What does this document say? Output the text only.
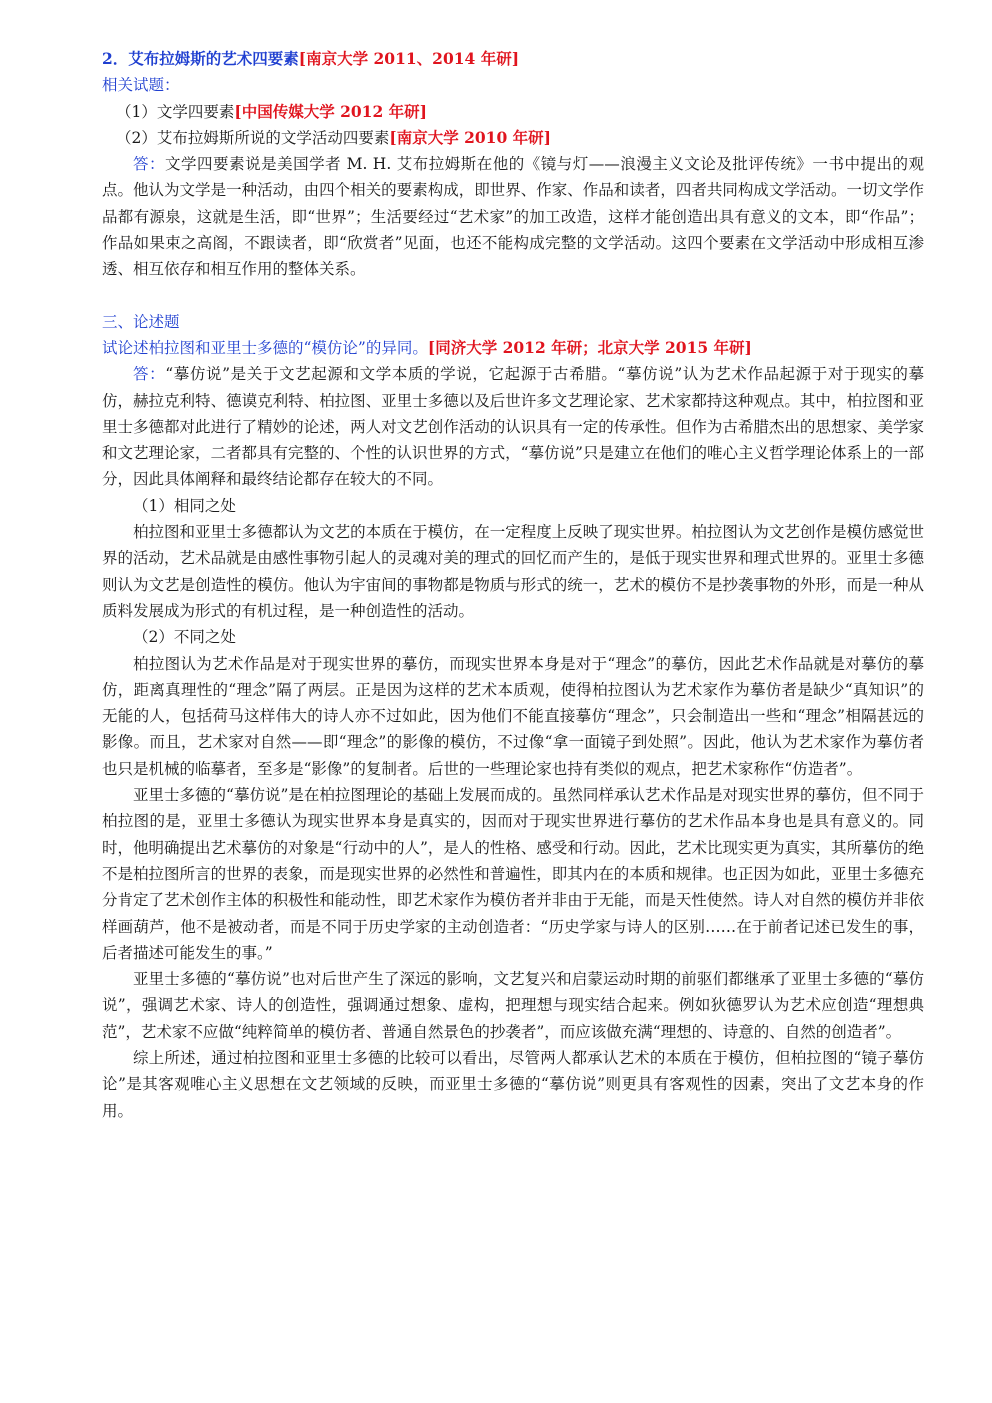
2．艾布拉姆斯的艺术四要素[南京大学 2011、2014 年研]
相关试题：
（1）文学四要素[中国传媒大学 2012 年研]
（2）艾布拉姆斯所说的文学活动四要素[南京大学 2010 年研]

答：文学四要素说是美国学者 M. H. 艾布拉姆斯在他的《镜与灯——浪漫主义文论及批评传统》一书中提出的观点。他认为文学是一种活动，由四个相关的要素构成，即世界、作家、作品和读者，四者共同构成文学活动。一切文学作品都有源泉，这就是生活，即“世界”；生活要经过“艺术家”的加工改造，这样才能创造出具有意义的文本，即“作品”；作品如果束之高阁，不跟读者，即“欣赏者”见面，也还不能构成完整的文学活动。这四个要素在文学活动中形成相互渗透、相互依存和相互作用的整体关系。

三、论述题
试论述柏拉图和亚里士多德的“模仿论”的异同。[同济大学 2012 年研；北京大学 2015 年研]

答：“摹仿说”是关于文艺起源和文学本质的学说，它起源于古希腊。“摹仿说”认为艺术作品起源于对于现实的摹仿，赫拉克利特、德谟克利特、柏拉图、亚里士多德以及后世许多文艺理论家、艺术家都持这种观点。其中，柏拉图和亚里士多德都对此进行了精妙的论述，两人对文艺创作活动的认识具有一定的传承性。但作为古希腊杰出的思想家、美学家和文艺理论家，二者都具有完整的、个性的认识世界的方式，“摹仿说”只是建立在他们的唯心主义哲学理论体系上的一部分，因此具体阐释和最终结论都存在较大的不同。

（1）相同之处

柏拉图和亚里士多德都认为文艺的本质在于模仿，在一定程度上反映了现实世界。柏拉图认为文艺创作是模仿感觉世界的活动，艺术品就是由感性事物引起人的灵魂对美的理式的回忆而产生的，是低于现实世界和理式世界的。亚里士多德则认为文艺是创造性的模仿。他认为宇宙间的事物都是物质与形式的统一，艺术的模仿不是抄袭事物的外形，而是一种从质料发展成为形式的有机过程，是一种创造性的活动。

（2）不同之处

柏拉图认为艺术作品是对于现实世界的摹仿，而现实世界本身是对于“理念”的摹仿，因此艺术作品就是对摹仿的摹仿，距离真理性的“理念”隔了两层。正是因为这样的艺术本质观，使得柏拉图认为艺术家作为摹仿者是缺少“真知识”的无能的人，包括荷马这样伟大的诗人亦不过如此，因为他们不能直接摹仿“理念”，只会制造出一些和“理念”相隔甚远的影像。而且，艺术家对自然——即“理念”的影像的模仿，不过像“拿一面镜子到处照”。因此，他认为艺术家作为摹仿者也只是机械的临摹者，至多是“影像”的复制者。后世的一些理论家也持有类似的观点，把艺术家称作“仿造者”。

亚里士多德的“摹仿说”是在柏拉图理论的基础上发展而成的。虽然同样承认艺术作品是对现实世界的摹仿，但不同于柏拉图的是，亚里士多德认为现实世界本身是真实的，因而对于现实世界进行摹仿的艺术作品本身也是具有意义的。同时，他明确提出艺术摹仿的对象是“行动中的人”，是人的性格、感受和行动。因此，艺术比现实更为真实，其所摹仿的绝不是柏拉图所言的世界的表象，而是现实世界的必然性和普遍性，即其内在的本质和规律。也正因为如此，亚里士多德充分肯定了艺术创作主体的积极性和能动性，即艺术家作为模仿者并非由于无能，而是天性使然。诗人对自然的模仿并非依样画葫芦，他不是被动者，而是不同于历史学家的主动创造者：“历史学家与诗人的区别……在于前者记述已发生的事，后者描述可能发生的事。”

亚里士多德的“摹仿说”也对后世产生了深远的影响，文艺复兴和启蒙运动时期的前驱们都继承了亚里士多德的“摹仿说”，强调艺术家、诗人的创造性，强调通过想象、虚构，把理想与现实结合起来。例如狄德罗认为艺术应创造“理想典范”，艺术家不应做“纯粹简单的模仿者、普通自然景色的抄袭者”，而应该做充满“理想的、诗意的、自然的创造者”。

综上所述，通过柏拉图和亚里士多德的比较可以看出，尽管两人都承认艺术的本质在于模仿，但柏拉图的“镜子摹仿论”是其客观唯心主义思想在文艺领域的反映，而亚里士多德的“摹仿说”则更具有客观性的因素，突出了文艺本身的作用。
